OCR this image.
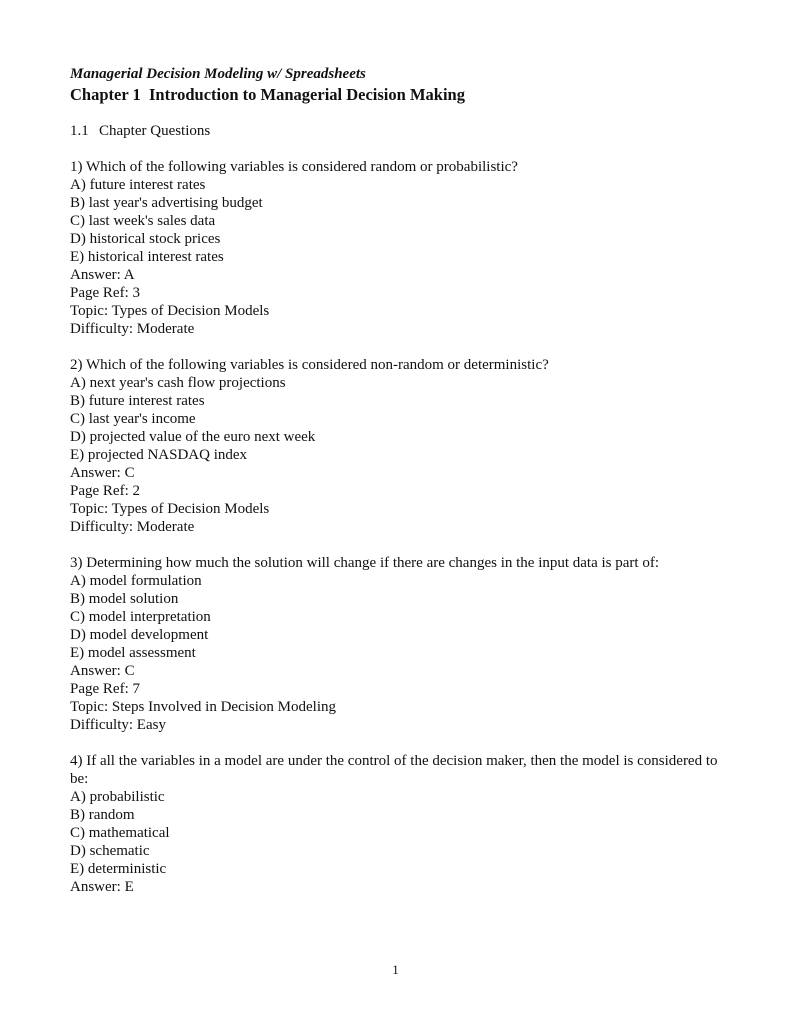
Managerial Decision Modeling w/ Spreadsheets

Chapter 1 Introduction to Managerial Decision Making

1.1 Chapter Questions

1) Which of the following variables is considered random or probabilistic?
A) future interest rates
B) last year's advertising budget
C) last week's sales data
D) historical stock prices
E) historical interest rates
Answer: A
Page Ref: 3
Topic: Types of Decision Models
Difficulty: Moderate
2) Which of the following variables is considered non-random or deterministic?
A) next year's cash flow projections
B) future interest rates
C) last year's income
D) projected value of the euro next week
E) projected NASDAQ index
Answer: C
Page Ref: 2
Topic: Types of Decision Models
Difficulty: Moderate
3) Determining how much the solution will change if there are changes in the input data is part of:
A) model formulation
B) model solution
C) model interpretation
D) model development
E) model assessment
Answer: C
Page Ref: 7
Topic: Steps Involved in Decision Modeling
Difficulty: Easy
4) If all the variables in a model are under the control of the decision maker, then the model is considered to be:
A) probabilistic
B) random
C) mathematical
D) schematic
E) deterministic
Answer: E
1
